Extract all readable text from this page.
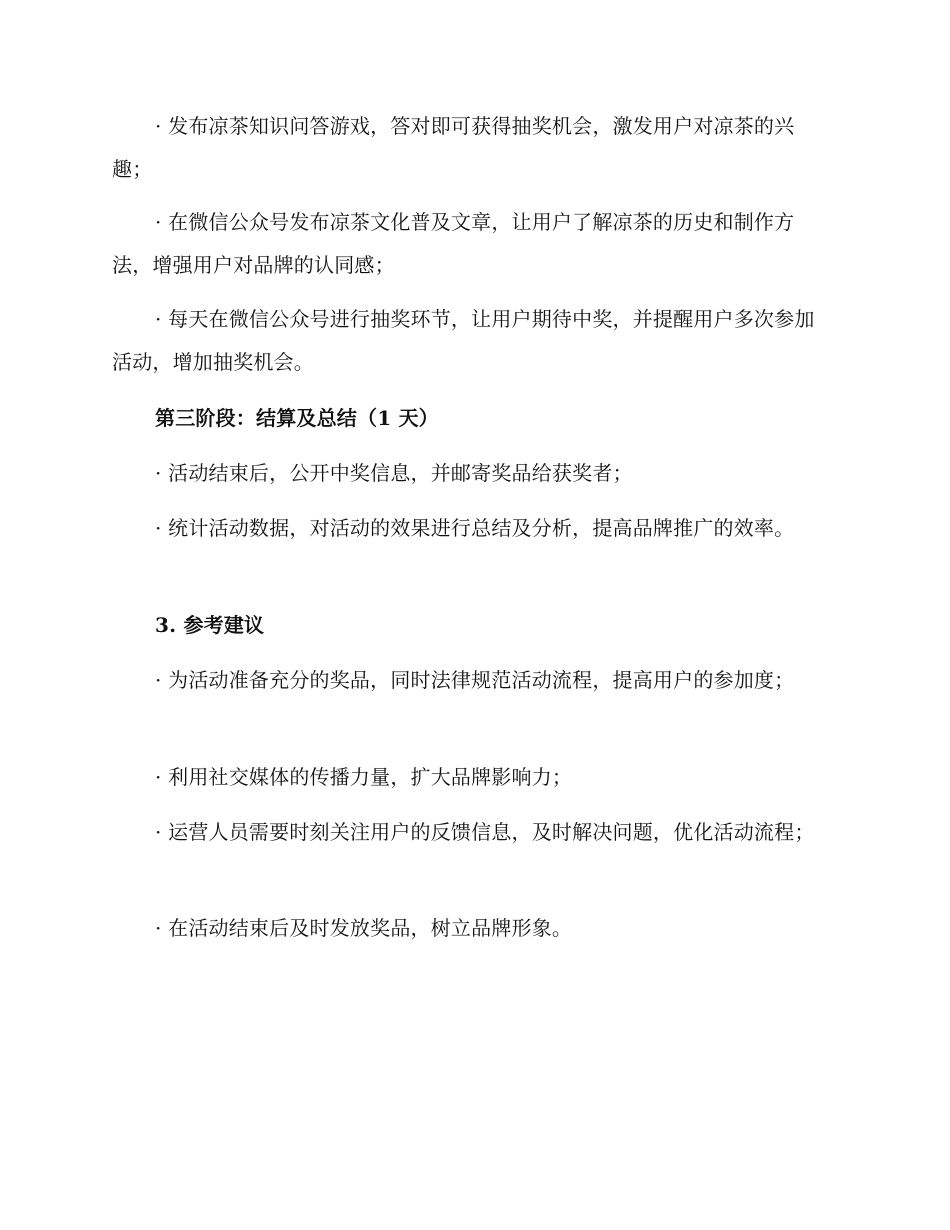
· 发布凉茶知识问答游戏，答对即可获得抽奖机会，激发用户对凉茶的兴趣；

· 在微信公众号发布凉茶文化普及文章，让用户了解凉茶的历史和制作方法，增强用户对品牌的认同感；

· 每天在微信公众号进行抽奖环节，让用户期待中奖，并提醒用户多次参加活动，增加抽奖机会。

第三阶段：结算及总结（1 天）

· 活动结束后，公开中奖信息，并邮寄奖品给获奖者；

· 统计活动数据，对活动的效果进行总结及分析，提高品牌推广的效率。

3. 参考建议

· 为活动准备充分的奖品，同时法律规范活动流程，提高用户的参加度；

· 利用社交媒体的传播力量，扩大品牌影响力；

· 运营人员需要时刻关注用户的反馈信息，及时解决问题，优化活动流程；

· 在活动结束后及时发放奖品，树立品牌形象。
